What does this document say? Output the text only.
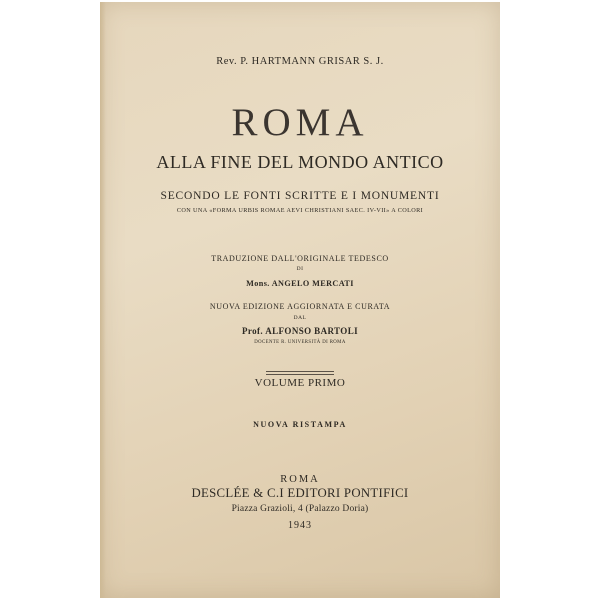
Rev. P. HARTMANN GRISAR S. J.
ROMA
ALLA FINE DEL MONDO ANTICO
SECONDO LE FONTI SCRITTE E I MONUMENTI
CON UNA «FORMA URBIS ROMAE AEVI CHRISTIANI SAEC. IV-VII» A COLORI
TRADUZIONE DALL'ORIGINALE TEDESCO
DI
Mons. ANGELO MERCATI
NUOVA EDIZIONE AGGIORNATA E CURATA
DAL
Prof. ALFONSO BARTOLI
DOCENTE R. UNIVERSITÀ DI ROMA
VOLUME PRIMO
NUOVA RISTAMPA
ROMA
DESCLÉE & C.I EDITORI PONTIFICI
Piazza Grazioli, 4 (Palazzo Doria)
1943
